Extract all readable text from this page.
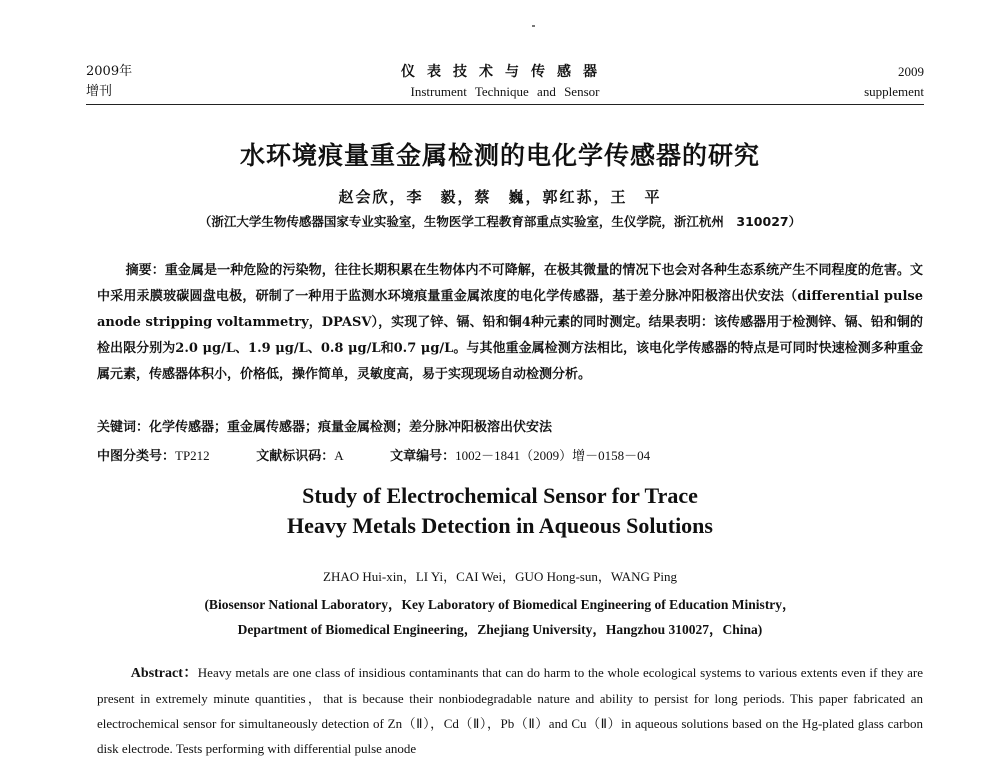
2009年
增刊
仪表技术与传感器
Instrument Technique and Sensor
2009
supplement
水环境痕量重金属检测的电化学传感器的研究
赵会欣，李　毅，蔡　巍，郭红荪，王　平
（浙江大学生物传感器国家专业实验室，生物医学工程教育部重点实验室，生仪学院，浙江杭州　310027）

摘要：重金属是一种危险的污染物，往往长期积累在生物体内不可降解，在极其微量的情况下也会对各种生态系统产生不同程度的危害。文中采用汞膜玻碳圆盘电极，研制了一种用于监测水环境痕量重金属浓度的电化学传感器，基于差分脉冲阳极溶出伏安法（differential pulse anode stripping voltammetry，DPASV），实现了锌、镉、铅和铜4种元素的同时测定。结果表明：该传感器用于检测锌、镉、铅和铜的检出限分别为2.0 μg/L、1.9 μg/L、0.8 μg/L和0.7 μg/L。与其他重金属检测方法相比，该电化学传感器的特点是可同时快速检测多种重金属元素，传感器体积小，价格低，操作简单，灵敏度高，易于实现现场自动检测分析。

关键词：化学传感器；重金属传感器；痕量金属检测；差分脉冲阳极溶出伏安法
中图分类号：TP212	文献标识码：A	文章编号：1002－1841（2009）增－0158－04
Study of Electrochemical Sensor for Trace
Heavy Metals Detection in Aqueous Solutions
ZHAO Hui-xin，LI Yi，CAI Wei，GUO Hong-sun，WANG Ping
(Biosensor National Laboratory，Key Laboratory of Biomedical Engineering of Education Ministry，
Department of Biomedical Engineering，Zhejiang University，Hangzhou 310027，China)

Abstract：Heavy metals are one class of insidious contaminants that can do harm to the whole ecological systems to various extents even if they are present in extremely minute quantities，that is because their nonbiodegradable nature and ability to persist for long periods. This paper fabricated an electrochemical sensor for simultaneously detection of Zn（Ⅱ），Cd（Ⅱ），Pb（Ⅱ）and Cu（Ⅱ）in aqueous solutions based on the Hg-plated glass carbon disk electrode. Tests performing with differential pulse anode
